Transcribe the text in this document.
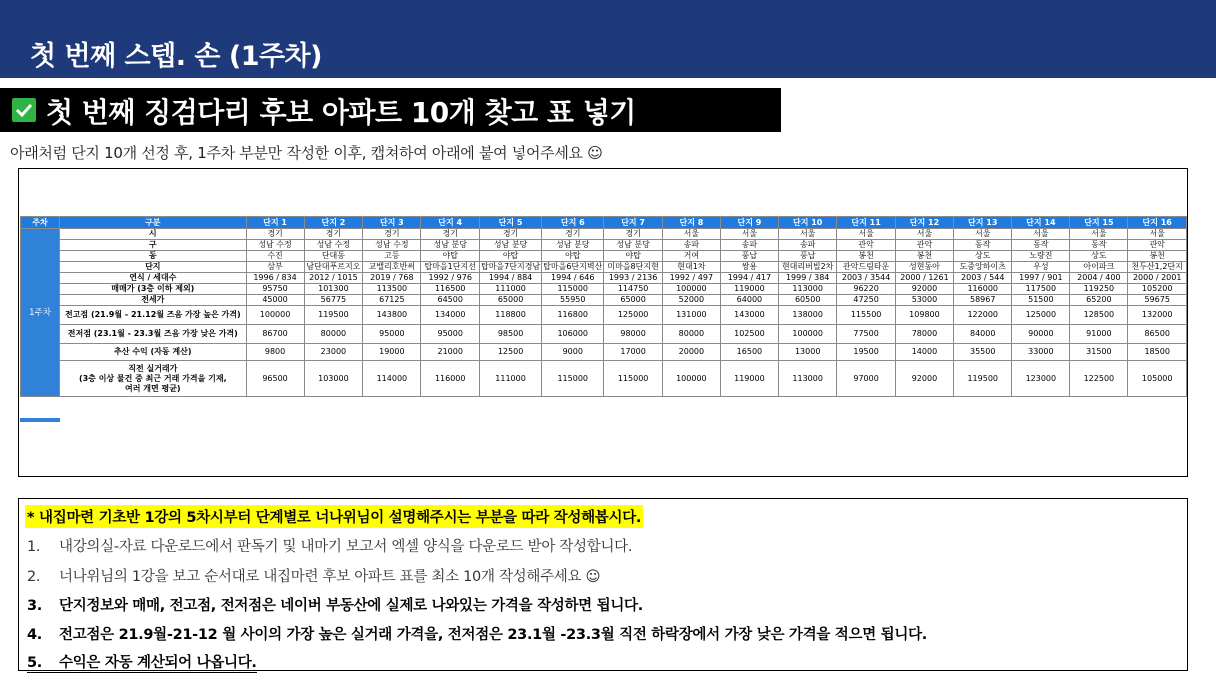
첫 번째 스텝. 손 (1주차)
첫 번째 징검다리 후보 아파트 10개 찾고 표 넣기
아래처럼 단지 10개 선정 후, 1주차 부분만 작성한 이후, 캡쳐하여 아래에 붙여 넣어주세요 ☺
주차	구분	단지 1	단지 2	단지 3	단지 4	단지 5	단지 6	단지 7	단지 8	단지 9	단지 10	단지 11	단지 12	단지 13	단지 14	단지 15	단지 16
1주차	시	경기	경기	경기	경기	경기	경기	경기	서울	서울	서울	서울	서울	서울	서울	서울	서울
	구	성남 수정	성남 수정	성남 수정	성남 분당	성남 분당	성남 분당	성남 분당	송파	송파	송파	관악	관악	동작	동작	동작	관악
	동	수진	단대동	고등	야탑	야탑	야탑	야탑	거여	풍납	풍납	봉천	봉천	상도	노량진	상도	봉천
	단지	삼부	남단대푸르지오	교밸리호반써	탑마을1단지선	탑마을7단지경남	탑마을6단지벽산	미마을8단지현	현대1차	쌍용	현대리버빌2차	관악드림타운	성현동아	도중앙하이츠	우성	아이파크	천두산1,2단지
	연식 / 세대수	1996 / 834	2012 / 1015	2019 / 768	1992 / 976	1994 / 884	1994 / 646	1993 / 2136	1992 / 497	1994 / 417	1999 / 384	2003 / 3544	2000 / 1261	2003 / 544	1997 / 901	2004 / 400	2000 / 2001
	매매가 (3층 이하 제외)	95750	101300	113500	116500	111000	115000	114750	100000	119000	113000	96220	92000	116000	117500	119250	105200
	전세가	45000	56775	67125	64500	65000	55950	65000	52000	64000	60500	47250	53000	58967	51500	65200	59675
	전고점 (21.9월 - 21.12월 즈음 가장 높은 가격)	100000	119500	143800	134000	118800	116800	125000	131000	143000	138000	115500	109800	122000	125000	128500	132000
	전저점 (23.1월 - 23.3월 즈음 가장 낮은 가격)	86700	80000	95000	95000	98500	106000	98000	80000	102500	100000	77500	78000	84000	90000	91000	86500
	추산 수익 (자동 계산)	9800	23000	19000	21000	12500	9000	17000	20000	16500	13000	19500	14000	35500	33000	31500	18500

	직전 실거래가
(3층 이상 물건 중 최근 거래 가격을 기재,
여러 개면 평균)	96500	103000	114000	116000	111000	115000	115000	100000	119000	113000	97000	92000	119500	123000	122500	105000
* 내집마련 기초반 1강의 5차시부터 단계별로 너나위님이 설명해주시는 부분을 따라 작성해봅시다.
1. 내강의실-자료 다운로드에서 판독기 및 내마기 보고서 엑셀 양식을 다운로드 받아 작성합니다.
2. 너나위님의 1강을 보고 순서대로 내집마련 후보 아파트 표를 최소 10개 작성해주세요 ☺
3. 단지정보와 매매, 전고점, 전저점은 네이버 부동산에 실제로 나와있는 가격을 작성하면 됩니다.
4. 전고점은 21.9월-21-12 월 사이의 가장 높은 실거래 가격을, 전저점은 23.1월 -23.3월 직전 하락장에서 가장 낮은 가격을 적으면 됩니다.
5. 수익은 자동 계산되어 나옵니다.
